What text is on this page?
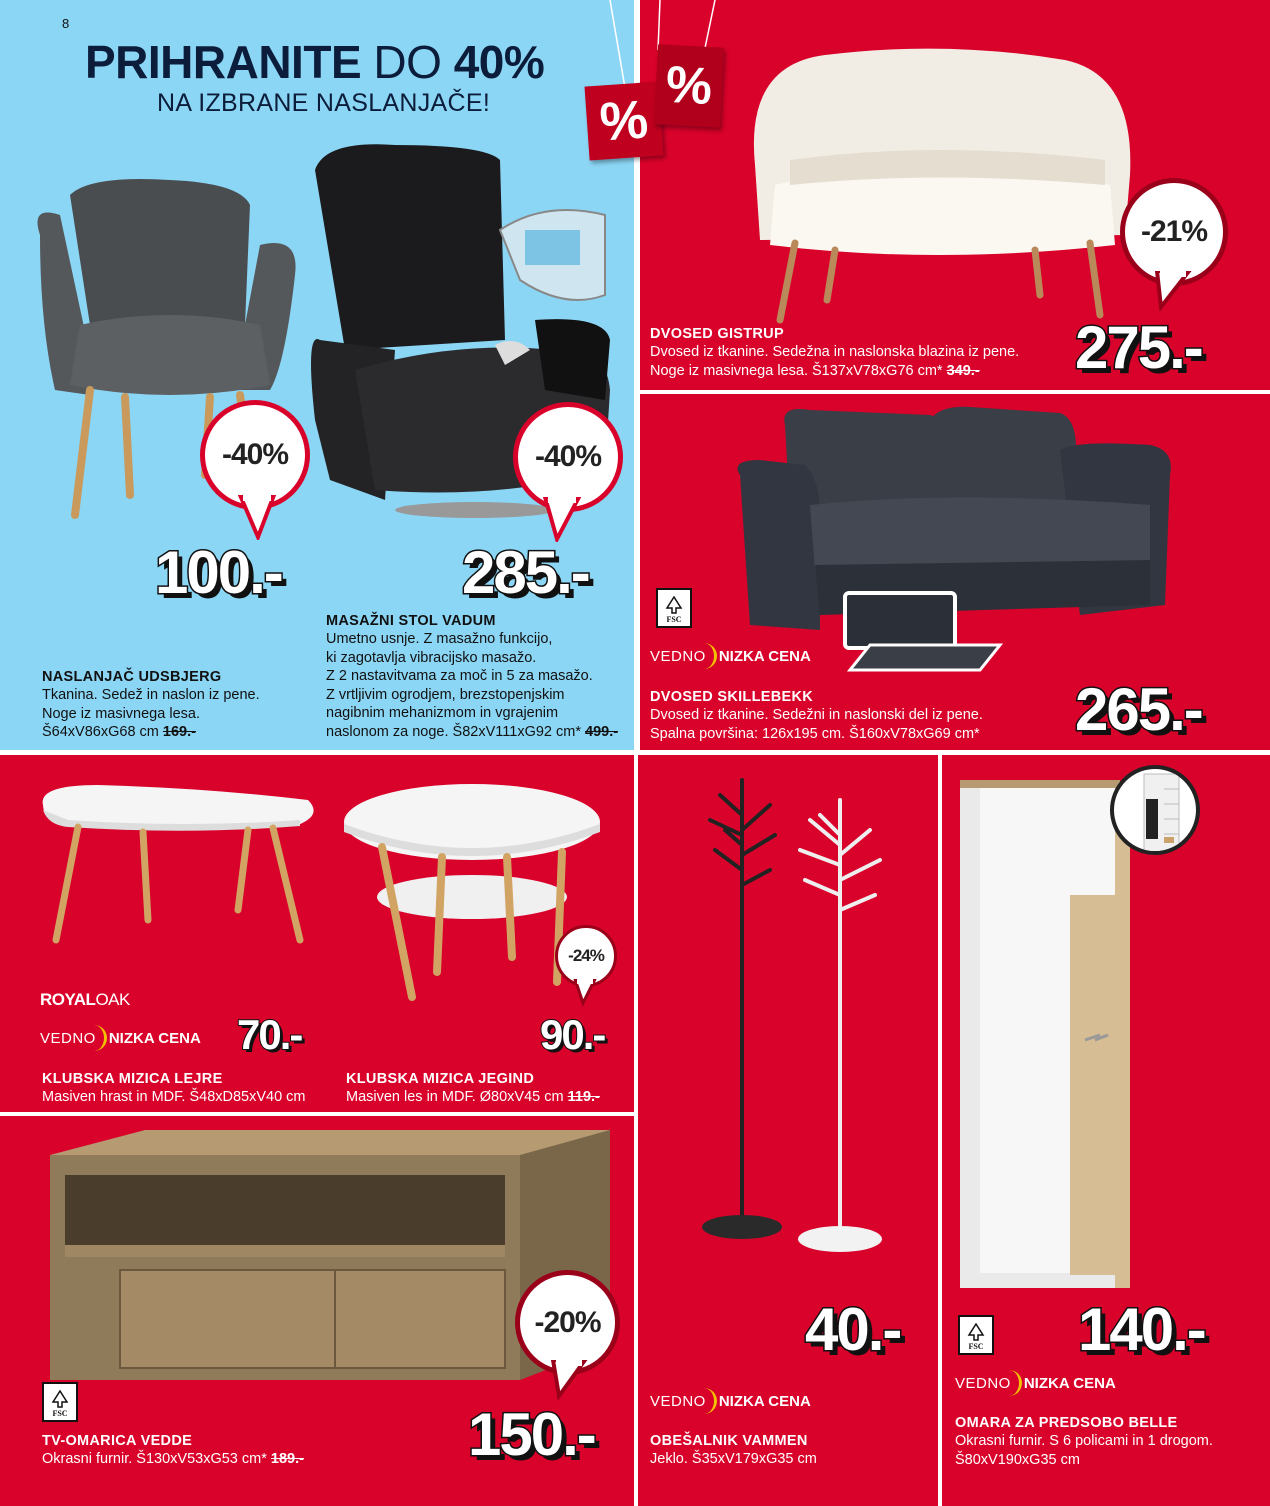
8
PRIHRANITE DO 40%
NA IZBRANE NASLANJAČE!	%
%
-40%	-40%
100.-	285.-
NASLANJAČ UDSBJERG
Tkanina. Sedež in naslon iz pene.
Noge iz masivnega lesa.
Š64xV86xG68 cm 169.-
MASAŽNI STOL VADUM
Umetno usnje. Z masažno funkcijo,
ki zagotavlja vibracijsko masažo.
Z 2 nastavitvama za moč in 5 za masažo.
Z vrtljivim ogrodjem, brezstopenjskim
nagibnim mehanizmom in vgrajenim
naslonom za noge. Š82xV111xG92 cm* 499.-
-21%
275.-
DVOSED GISTRUP
Dvosed iz tkanine. Sedežna in naslonska blazina iz pene.
Noge iz masivnega lesa. Š137xV78xG76 cm* 349.-
FSC
VEDNO NIZKA CENA
265.-
DVOSED SKILLEBEKK
Dvosed iz tkanine. Sedežni in naslonski del iz pene.
Spalna površina: 126x195 cm. Š160xV78xG69 cm*
-24%
ROYALOAK
VEDNO NIZKA CENA 70.-	90.-
KLUBSKA MIZICA LEJRE
Masiven hrast in MDF. Š48xD85xV40 cm
KLUBSKA MIZICA JEGIND
Masiven les in MDF. Ø80xV45 cm 119.-
-20%
FSC	150.-
TV-OMARICA VEDDE
Okrasni furnir. Š130xV53xG53 cm* 189.-
40.-
VEDNO NIZKA CENA
OBEŠALNIK VAMMEN
Jeklo. Š35xV179xG35 cm
FSC 140.-
VEDNO NIZKA CENA
OMARA ZA PREDSOBO BELLE
Okrasni furnir. S 6 policami in 1 drogom.
Š80xV190xG35 cm
